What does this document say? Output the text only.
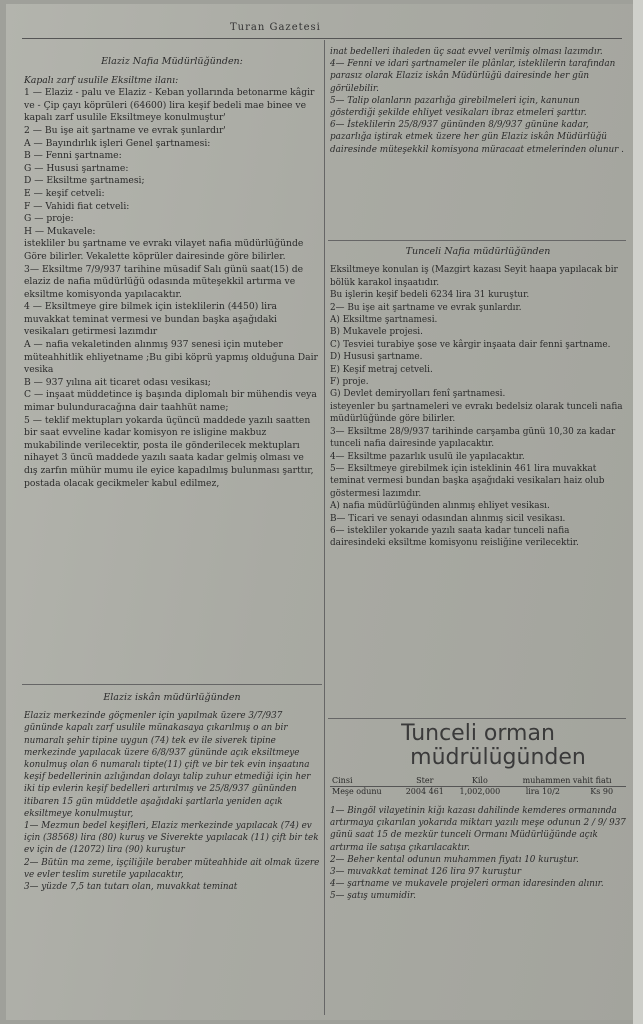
Turan Gazetesi

Elaziz Nafia Müdürlüğünden:

Kapalı zarf usulile Eksiltme ilanı:

1 — Elaziz - palu ve Elaziz - Keban yollarında betonarme kâgir ve - Çip çayı köprüleri (64600) lira keşif bedeli mae binee ve kapalı zarf usulile Eksiltmeye konulmuştur'

2 — Bu işe ait şartname ve evrak şunlardır'

A — Bayındırlık işleri Genel şartnamesi:

B — Fenni şartname:

G — Hususi şartname:

D — Eksiltme şartnamesi;

E — keşif cetveli:

F — Vahidi fiat cetveli:

G — proje:

H — Mukavele:

istekliler bu şartname ve evrakı vilayet nafia müdürlüğünde Göre bilirler. Vekalette köprüler dairesinde göre bilirler.

3— Eksiltme 7/9/937 tarihine müsadif Salı günü saat(15) de elaziz de nafia müdürlüğü odasında müteşekkil artırma ve eksiltme komisyonda yapılacaktır.

4 — Eksiltmeye gire bilmek için isteklilerin (4450) lira muvakkat teminat vermesi ve bundan başka aşağıdaki vesikaları getirmesi lazımdır

A — nafia vekaletinden alınmış 937 senesi için muteber müteahhitlik ehliyetname ;Bu gibi köprü yapmış olduğuna Dair vesika

B — 937 yılına ait ticaret odası vesikası;

C — inşaat müddetince iş başında diplomalı bir mühendis veya mimar bulunduracağına dair taahhüt name;

5 — teklif mektupları yokarda üçüncü maddede yazılı saatten bir saat evveline kadar komisyon re isligine makbuz mukabilinde verilecektir, posta ile gönderilecek mektupları nihayet 3 üncü maddede yazılı saata kadar gelmiş olması ve dış zarfın mühür mumu ile eyice kapadılmış bulunması şarttır, postada olacak gecikmeler kabul edilmez,

Elaziz iskân müdürlüğünden

Elaziz merkezinde göçmenler için yapılmak üzere 3/7/937 gününde kapalı zarf usulile münakasaya çıkarılmış o an bir numaralı şehir tipine uygun (74) tek ev ile siverek tipine merkezinde yapılacak üzere 6/8/937 gününde açık eksiltmeye konulmuş olan 6 numaralı tipte(11) çift ve bir tek evin inşaatına keşif bedellerinin azlığından dolayı talip zuhur etmediği için her iki tip evlerin keşif bedelleri artırılmış ve 25/8/937 gününden itibaren 15 gün müddetle aşağıdaki şartlarla yeniden açık eksiltmeye konulmuştur,

1— Mezmun bedel keşifleri, Elaziz merkezinde yapılacak (74) ev için (38568) lira (80) kuruş ve Siverekte yapılacak (11) çift bir tek ev için de (12072) lira (90) kuruştur

2— Bütün ma zeme, işçiliğile beraber müteahhide ait olmak üzere ve evler teslim suretile yapılacaktır,

3— yüzde 7,5 tan tutarı olan, muvakkat teminat

inat bedelleri ihaleden üç saat evvel verilmiş olması lazımdır.

4— Fenni ve idari şartnameler ile plânlar, isteklilerin tarafından parasız olarak Elaziz iskân Müdürlüğü dairesinde her gün görülebilir.

5— Talip olanların pazarlığa girebilmeleri için, kanunun gösterdiği şekilde ehliyet vesikaları ibraz etmeleri şarttır.

6— İsteklilerin 25/8/937 gününden 8/9/937 gününe kadar, pazarlığa iştirak etmek üzere her gün Elaziz iskân Müdürlüğü dairesinde müteşekkil komisyona müracaat etmelerinden olunur .

Tunceli Nafia müdürlüğünden

Eksiltmeye konulan iş (Mazgirt kazası Seyit haapa yapılacak bir bölük karakol inşaatıdır.

Bu işlerin keşif bedeli 6234 lira 31 kuruştur.

2— Bu işe ait şartname ve evrak şunlardır.

A) Eksiltme şartnamesi.

B) Mukavele projesi.

C) Tesviei turabiye şose ve kârgir inşaata dair fenni şartname.

D) Hususi şartname.

E) Keşif metraj cetveli.

F) proje.

G) Devlet demiryolları fenî şartnamesi.

isteyenler bu şartnameleri ve evrakı bedelsiz olarak tunceli nafia müdürlüğünde göre bilirler.

3— Eksiltme 28/9/937 tarihinde carşamba günü 10,30 za kadar tunceli nafia dairesinde yapılacaktır.

4— Eksiltme pazarlık usulü ile yapılacaktır.

5— Eksiltmeye girebilmek için isteklinin 461 lira muvakkat teminat vermesi bundan başka aşağıdaki vesikaları haiz olub göstermesi lazımdır.

A) nafia müdürlüğünden alınmış ehliyet vesikası.

B— Ticari ve senayi odasından alınmış sicil vesikası.

6— istekliler yokarıde yazılı saata kadar tunceli nafia dairesindeki eksiltme komisyonu reisliğine verilecektir.

Tunceli orman
müdrülügünden
Cinsi	Ster	Kilo	muhammen vahit fiatı	
Meşe odunu	2004 461	1,002,000	lira 10/2	Ks 90

1— Bingöl vilayetinin kiğı kazası dahilinde kemderes ormanında artırmaya çıkarılan yokarıda miktarı yazılı meşe odunun 2 / 9/ 937 günü saat 15 de mezkür tunceli Ormanı Müdürlüğünde açık artırma ile satışa çıkarılacaktır.

2— Beher kental odunun muhammen fiyatı 10 kuruştur.

3— muvakkat teminat 126 lira 97 kuruştur

4— şartname ve mukavele projeleri orman idaresinden alınır.

5— şatış umumidir.
